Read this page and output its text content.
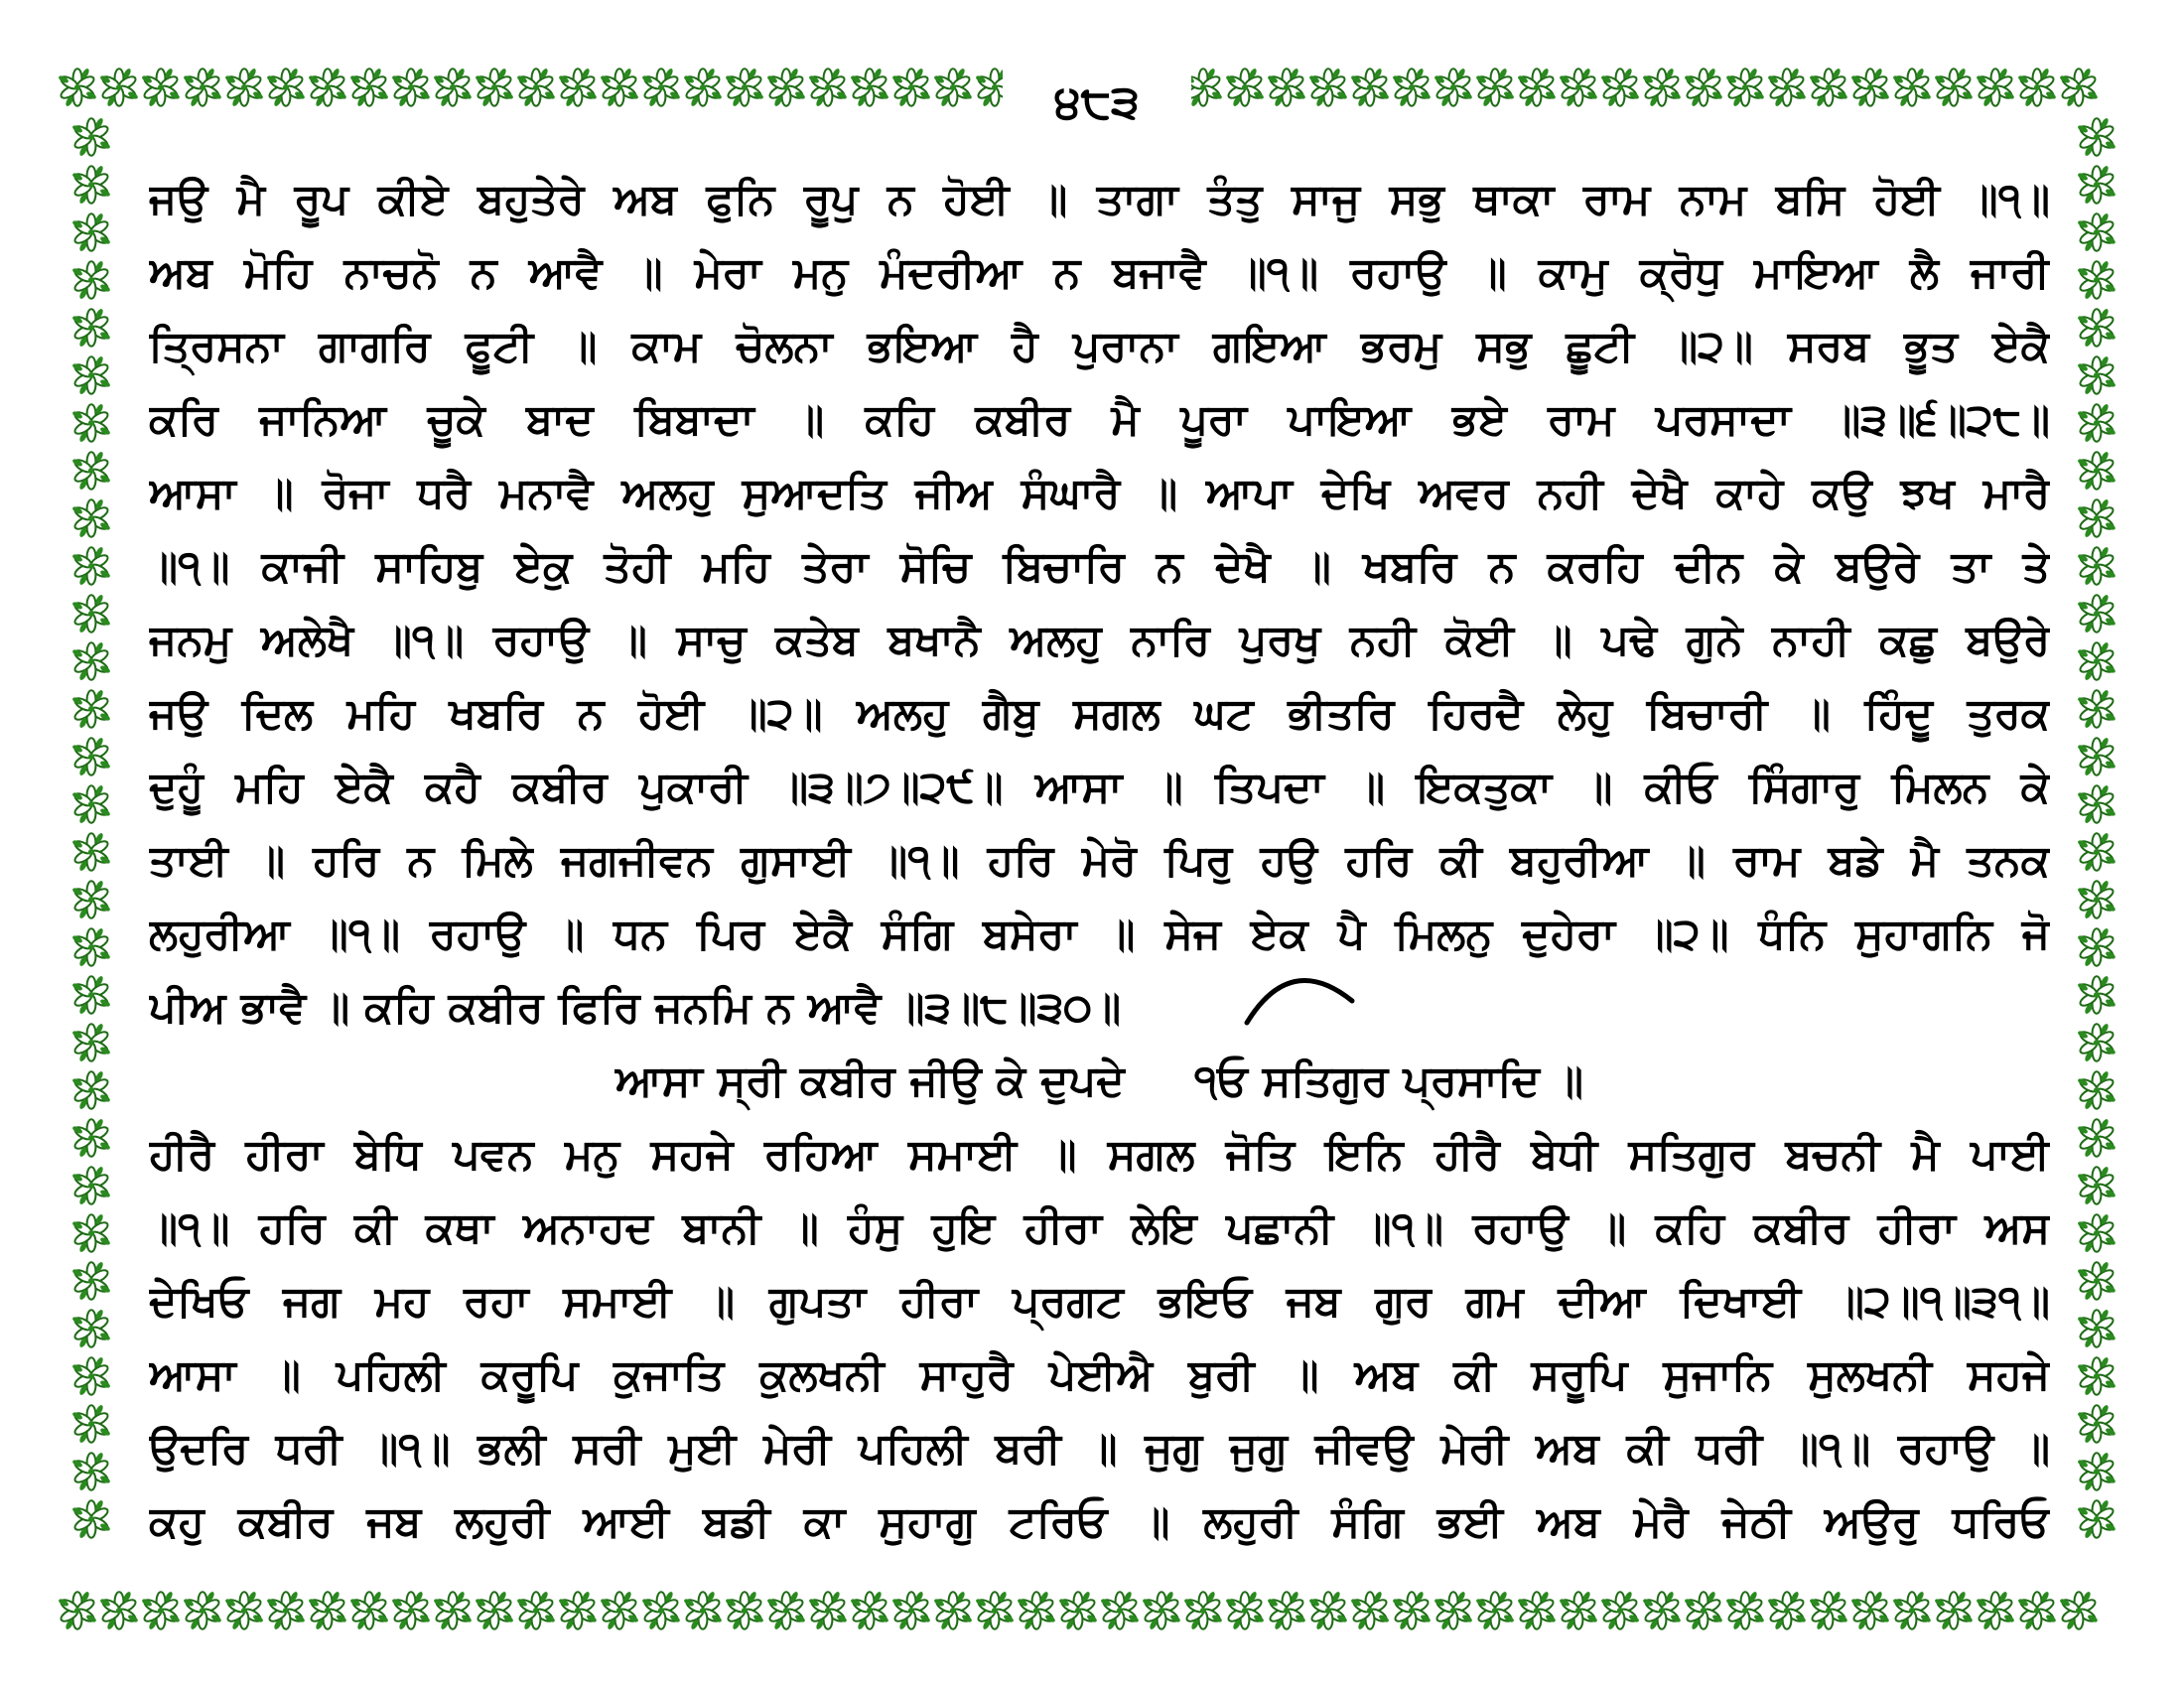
੪੮੩
ਜਉ ਮੈ ਰੂਪ ਕੀਏ ਬਹੁਤੇਰੇ ਅਬ ਫੁਨਿ ਰੂਪੁ ਨ ਹੋਈ ॥ ਤਾਗਾ ਤੰਤੁ ਸਾਜੁ ਸਭੁ ਥਾਕਾ ਰਾਮ ਨਾਮ ਬਸਿ ਹੋਈ ॥੧॥
ਅਬ ਮੋਹਿ ਨਾਚਨੋ ਨ ਆਵੈ ॥ ਮੇਰਾ ਮਨੁ ਮੰਦਰੀਆ ਨ ਬਜਾਵੈ ॥੧॥ ਰਹਾਉ ॥ ਕਾਮੁ ਕ੍ਰੋਧੁ ਮਾਇਆ ਲੈ ਜਾਰੀ
ਤ੍ਰਿਸਨਾ ਗਾਗਰਿ ਫੂਟੀ ॥ ਕਾਮ ਚੋਲਨਾ ਭਇਆ ਹੈ ਪੁਰਾਨਾ ਗਇਆ ਭਰਮੁ ਸਭੁ ਛੂਟੀ ॥੨॥ ਸਰਬ ਭੂਤ ਏਕੈ
ਕਰਿ ਜਾਨਿਆ ਚੂਕੇ ਬਾਦ ਬਿਬਾਦਾ ॥ ਕਹਿ ਕਬੀਰ ਮੈ ਪੂਰਾ ਪਾਇਆ ਭਏ ਰਾਮ ਪਰਸਾਦਾ ॥੩॥੬॥੨੮॥
ਆਸਾ ॥ ਰੋਜਾ ਧਰੈ ਮਨਾਵੈ ਅਲਹੁ ਸੁਆਦਤਿ ਜੀਅ ਸੰਘਾਰੈ ॥ ਆਪਾ ਦੇਖਿ ਅਵਰ ਨਹੀ ਦੇਖੈ ਕਾਹੇ ਕਉ ਝਖ ਮਾਰੈ
॥੧॥ ਕਾਜੀ ਸਾਹਿਬੁ ਏਕੁ ਤੋਹੀ ਮਹਿ ਤੇਰਾ ਸੋਚਿ ਬਿਚਾਰਿ ਨ ਦੇਖੈ ॥ ਖਬਰਿ ਨ ਕਰਹਿ ਦੀਨ ਕੇ ਬਉਰੇ ਤਾ ਤੇ
ਜਨਮੁ ਅਲੇਖੈ ॥੧॥ ਰਹਾਉ ॥ ਸਾਚੁ ਕਤੇਬ ਬਖਾਨੈ ਅਲਹੁ ਨਾਰਿ ਪੁਰਖੁ ਨਹੀ ਕੋਈ ॥ ਪਢੇ ਗੁਨੇ ਨਾਹੀ ਕਛੁ ਬਉਰੇ
ਜਉ ਦਿਲ ਮਹਿ ਖਬਰਿ ਨ ਹੋਈ ॥੨॥ ਅਲਹੁ ਗੈਬੁ ਸਗਲ ਘਟ ਭੀਤਰਿ ਹਿਰਦੈ ਲੇਹੁ ਬਿਚਾਰੀ ॥ ਹਿੰਦੂ ਤੁਰਕ
ਦੁਹੂੰ ਮਹਿ ਏਕੈ ਕਹੈ ਕਬੀਰ ਪੁਕਾਰੀ ॥੩॥੭॥੨੯॥ ਆਸਾ ॥ ਤਿਪਦਾ ॥ ਇਕਤੁਕਾ ॥ ਕੀਓ ਸਿੰਗਾਰੁ ਮਿਲਨ ਕੇ
ਤਾਈ ॥ ਹਰਿ ਨ ਮਿਲੇ ਜਗਜੀਵਨ ਗੁਸਾਈ ॥੧॥ ਹਰਿ ਮੇਰੋ ਪਿਰੁ ਹਉ ਹਰਿ ਕੀ ਬਹੁਰੀਆ ॥ ਰਾਮ ਬਡੇ ਮੈ ਤਨਕ
ਲਹੁਰੀਆ ॥੧॥ ਰਹਾਉ ॥ ਧਨ ਪਿਰ ਏਕੈ ਸੰਗਿ ਬਸੇਰਾ ॥ ਸੇਜ ਏਕ ਪੈ ਮਿਲਨੁ ਦੁਹੇਰਾ ॥੨॥ ਧੰਨਿ ਸੁਹਾਗਨਿ ਜੋ
ਪੀਅ ਭਾਵੈ ॥ ਕਹਿ ਕਬੀਰ ਫਿਰਿ ਜਨਮਿ ਨ ਆਵੈ ॥੩॥੮॥੩੦॥
ਆਸਾ ਸ੍ਰੀ ਕਬੀਰ ਜੀਉ ਕੇ ਦੁਪਦੇ ੧ਓ ਸਤਿਗੁਰ ਪ੍ਰਸਾਦਿ ॥
ਹੀਰੈ ਹੀਰਾ ਬੇਧਿ ਪਵਨ ਮਨੁ ਸਹਜੇ ਰਹਿਆ ਸਮਾਈ ॥ ਸਗਲ ਜੋਤਿ ਇਨਿ ਹੀਰੈ ਬੇਧੀ ਸਤਿਗੁਰ ਬਚਨੀ ਮੈ ਪਾਈ
॥੧॥ ਹਰਿ ਕੀ ਕਥਾ ਅਨਾਹਦ ਬਾਨੀ ॥ ਹੰਸੁ ਹੁਇ ਹੀਰਾ ਲੇਇ ਪਛਾਨੀ ॥੧॥ ਰਹਾਉ ॥ ਕਹਿ ਕਬੀਰ ਹੀਰਾ ਅਸ
ਦੇਖਿਓ ਜਗ ਮਹ ਰਹਾ ਸਮਾਈ ॥ ਗੁਪਤਾ ਹੀਰਾ ਪ੍ਰਗਟ ਭਇਓ ਜਬ ਗੁਰ ਗਮ ਦੀਆ ਦਿਖਾਈ ॥੨॥੧॥੩੧॥
ਆਸਾ ॥ ਪਹਿਲੀ ਕਰੂਪਿ ਕੁਜਾਤਿ ਕੁਲਖਨੀ ਸਾਹੁਰੈ ਪੇਈਐ ਬੁਰੀ ॥ ਅਬ ਕੀ ਸਰੂਪਿ ਸੁਜਾਨਿ ਸੁਲਖਨੀ ਸਹਜੇ
ਉਦਰਿ ਧਰੀ ॥੧॥ ਭਲੀ ਸਰੀ ਮੁਈ ਮੇਰੀ ਪਹਿਲੀ ਬਰੀ ॥ ਜੁਗੁ ਜੁਗੁ ਜੀਵਉ ਮੇਰੀ ਅਬ ਕੀ ਧਰੀ ॥੧॥ ਰਹਾਉ ॥
ਕਹੁ ਕਬੀਰ ਜਬ ਲਹੁਰੀ ਆਈ ਬਡੀ ਕਾ ਸੁਹਾਗੁ ਟਰਿਓ ॥ ਲਹੁਰੀ ਸੰਗਿ ਭਈ ਅਬ ਮੇਰੈ ਜੇਠੀ ਅਉਰੁ ਧਰਿਓ
